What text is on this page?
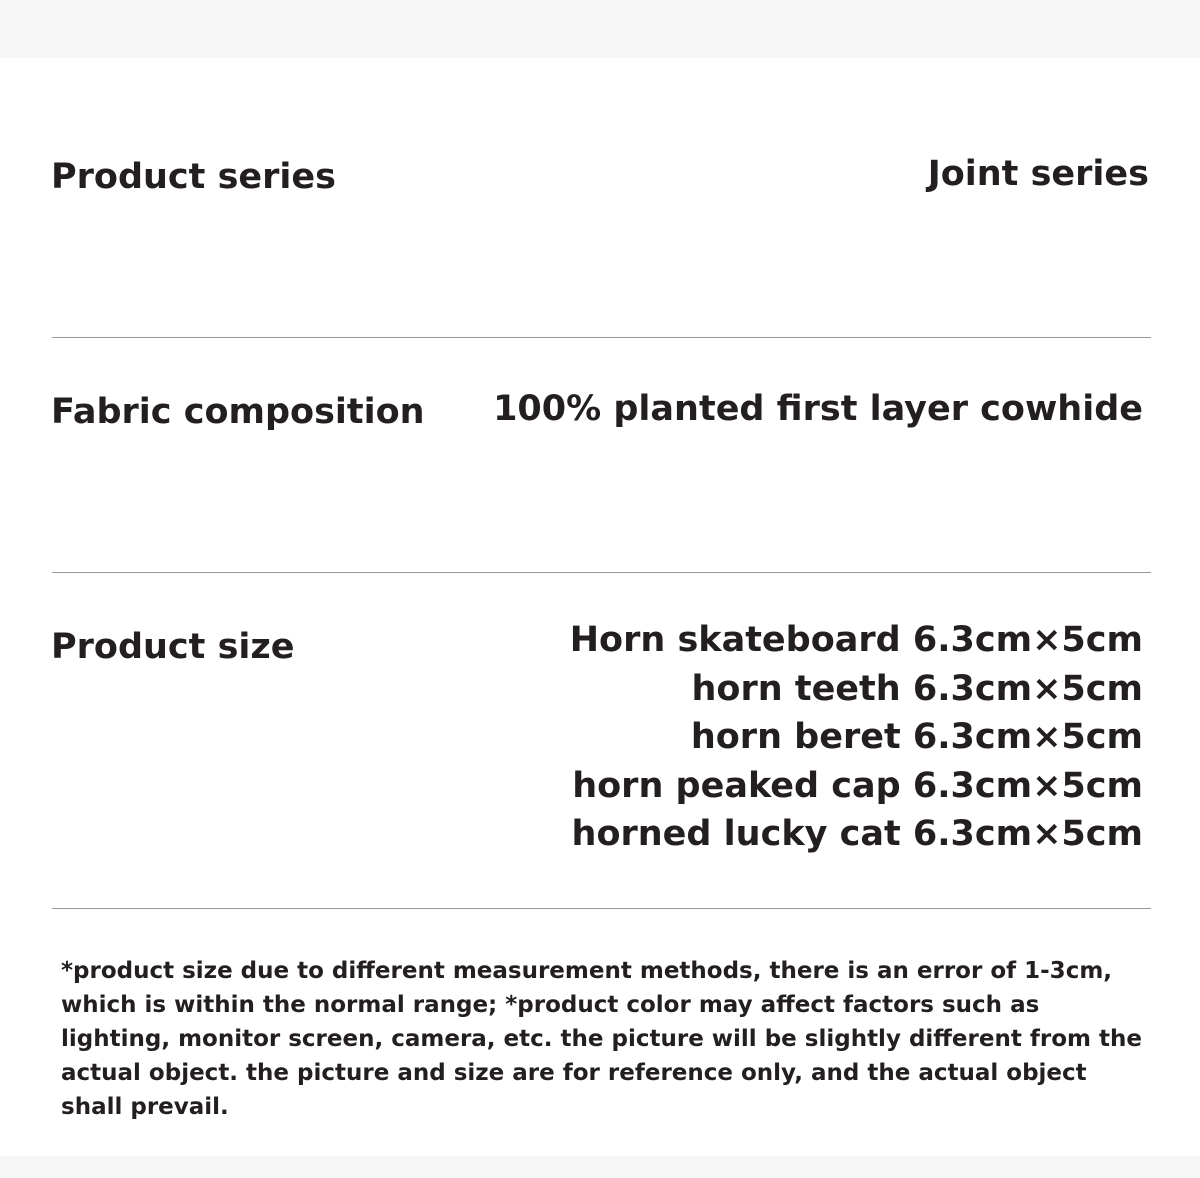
Product series	Joint series
Fabric composition 100% planted first layer cowhide
Product size	Horn skateboard 6.3cm×5cm
horn teeth 6.3cm×5cm
horn beret 6.3cm×5cm
horn peaked cap 6.3cm×5cm
horned lucky cat 6.3cm×5cm
*product size due to different measurement methods, there is an error of 1-3cm, which is within the normal range; *product color may affect factors such as lighting, monitor screen, camera, etc. the picture will be slightly different from the actual object. the picture and size are for reference only, and the actual object shall prevail.
